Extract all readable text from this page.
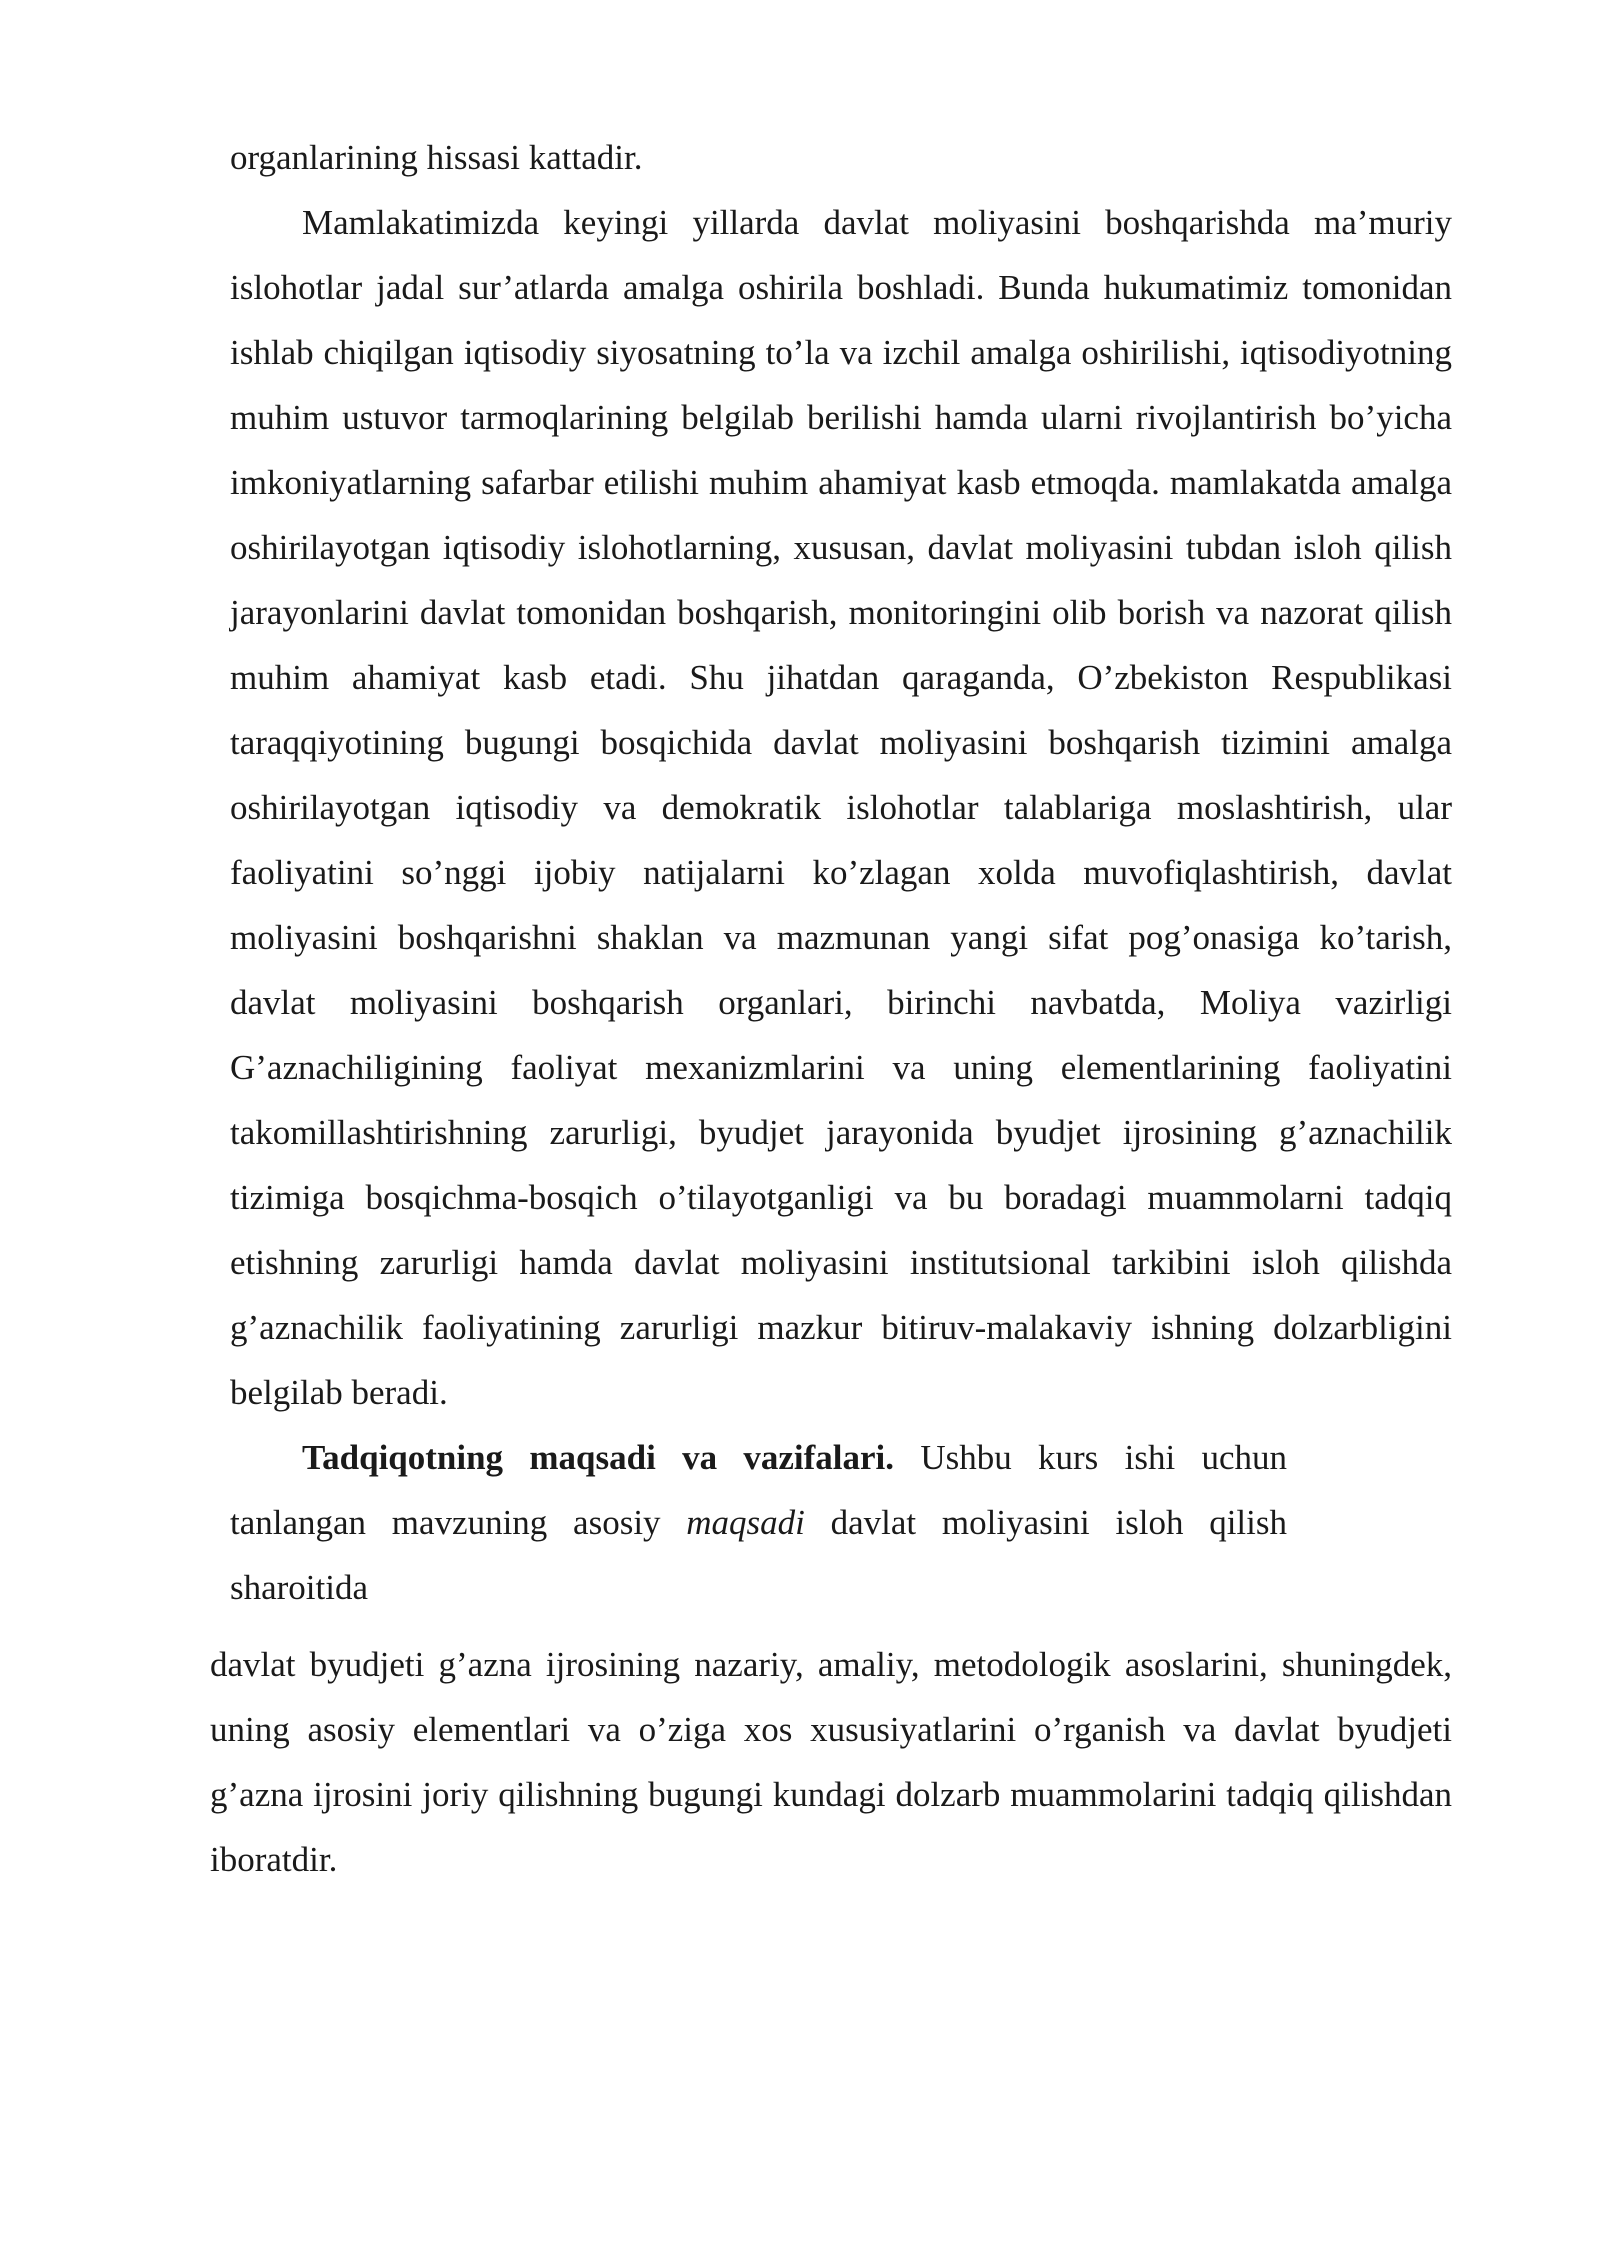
organlarining hissasi kattadir.

Mamlakatimizda keyingi yillarda davlat moliyasini boshqarishda ma’muriy islohotlar jadal sur’atlarda amalga oshirila boshladi. Bunda hukumatimiz tomonidan ishlab chiqilgan iqtisodiy siyosatning to’la va izchil amalga oshirilishi, iqtisodiyotning muhim ustuvor tarmoqlarining belgilab berilishi hamda ularni rivojlantirish bo’yicha imkoniyatlarning safarbar etilishi muhim ahamiyat kasb etmoqda. mamlakatda amalga oshirilayotgan iqtisodiy islohotlarning, xususan, davlat moliyasini tubdan isloh qilish jarayonlarini davlat tomonidan boshqarish, monitoringini olib borish va nazorat qilish muhim ahamiyat kasb etadi. Shu jihatdan qaraganda, O’zbekiston Respublikasi taraqqiyotining bugungi bosqichida davlat moliyasini boshqarish tizimini amalga oshirilayotgan iqtisodiy va demokratik islohotlar talablariga moslashtirish, ular faoliyatini so’nggi ijobiy natijalarni ko’zlagan xolda muvofiqlashtirish, davlat moliyasini boshqarishni shaklan va mazmunan yangi sifat pog’onasiga ko’tarish, davlat moliyasini boshqarish organlari, birinchi navbatda, Moliya vazirligi G’aznachiligining faoliyat mexanizmlarini va uning elementlarining faoliyatini takomillashtirishning zarurligi, byudjet jarayonida byudjet ijrosining g’aznachilik tizimiga bosqichma-bosqich o’tilayotganligi va bu boradagi muammolarni tadqiq etishning zarurligi hamda davlat moliyasini institutsional tarkibini isloh qilishda g’aznachilik faoliyatining zarurligi mazkur bitiruv-malakaviy ishning dolzarbligini belgilab beradi.

Tadqiqotning maqsadi va vazifalari. Ushbu kurs ishi uchun tanlangan mavzuning asosiy maqsadi davlat moliyasini isloh qilish sharoitida

davlat byudjeti g’azna ijrosining nazariy, amaliy, metodologik asoslarini, shuningdek, uning asosiy elementlari va o’ziga xos xususiyatlarini o’rganish va davlat byudjeti g’azna ijrosini joriy qilishning bugungi kundagi dolzarb muammolarini tadqiq qilishdan iboratdir.
